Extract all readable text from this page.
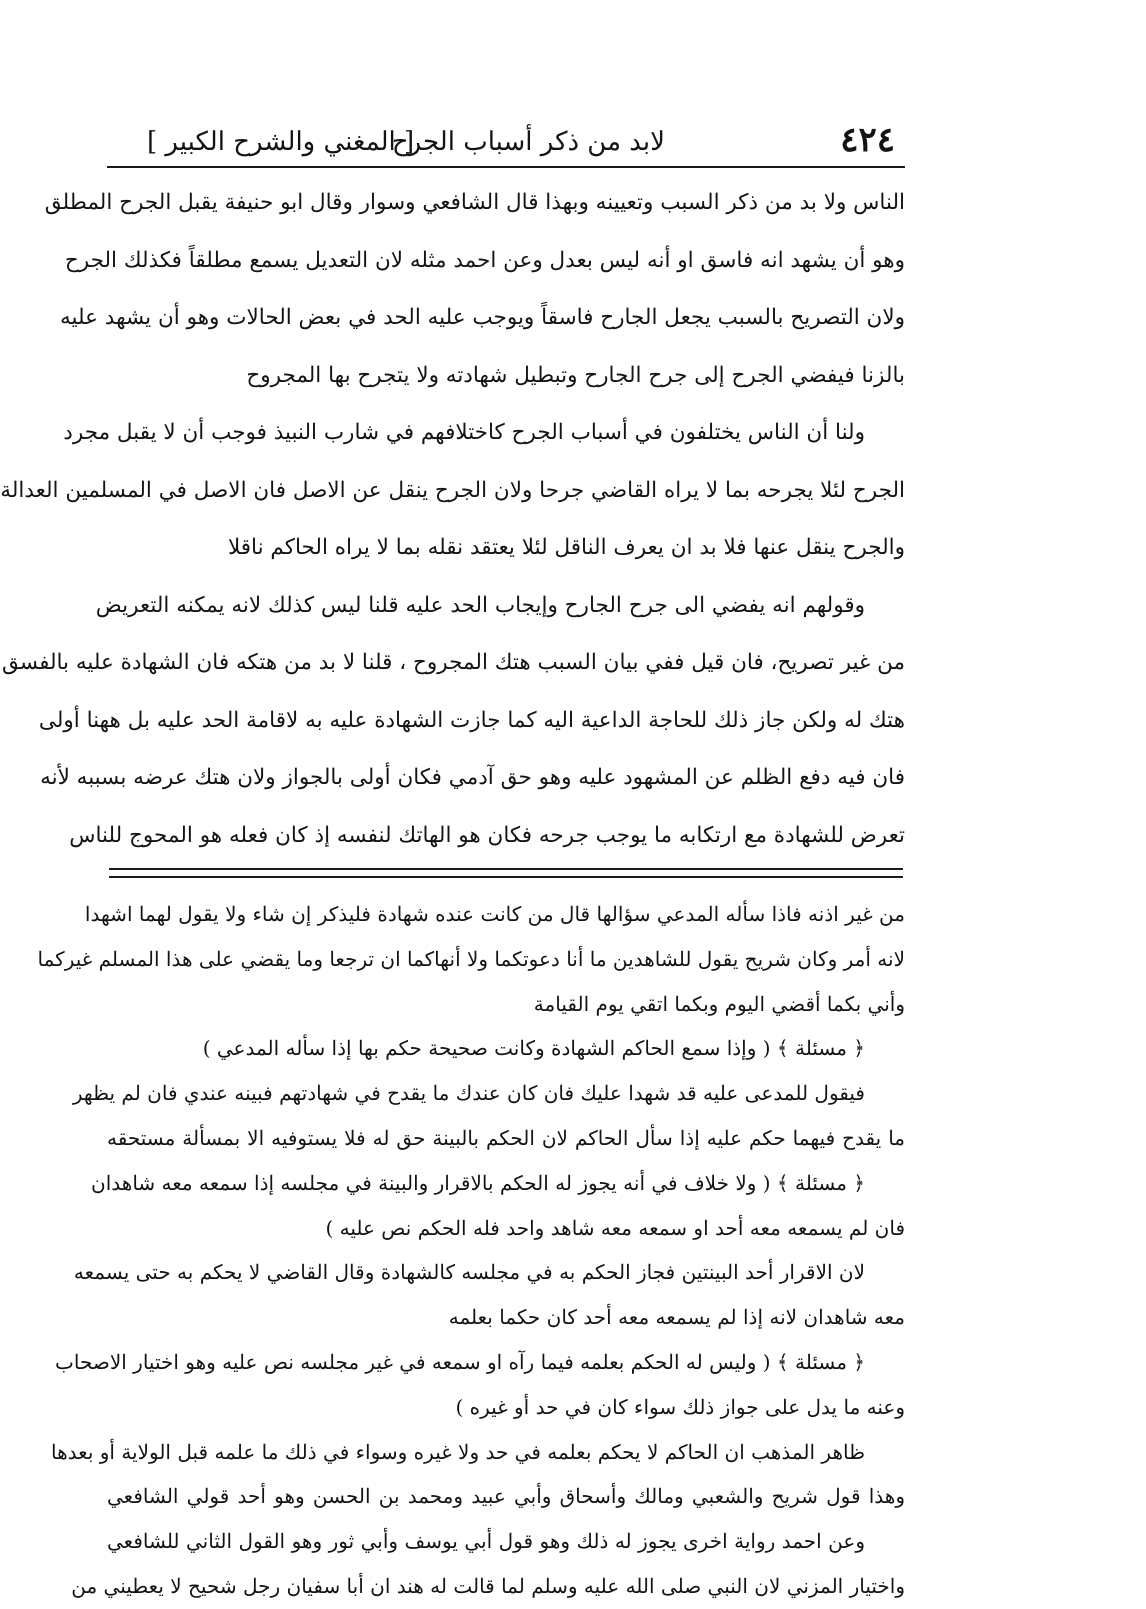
٤٢٤
لابد من ذكر أسباب الجرح
[ المغني والشرح الكبير ]
الناس ولا بد من ذكر السبب وتعيينه وبهذا قال الشافعي وسوار وقال ابو حنيفة يقبل الجرح المطلق
وهو أن يشهد انه فاسق او أنه ليس بعدل وعن احمد مثله لان التعديل يسمع مطلقاً فكذلك الجرح
ولان التصريح بالسبب يجعل الجارح فاسقاً ويوجب عليه الحد في بعض الحالات وهو أن يشهد عليه
بالزنا فيفضي الجرح إلى جرح الجارح وتبطيل شهادته ولا يتجرح بها المجروح
ولنا أن الناس يختلفون في أسباب الجرح كاختلافهم في شارب النبيذ فوجب أن لا يقبل مجرد
الجرح لئلا يجرحه بما لا يراه القاضي جرحا ولان الجرح ينقل عن الاصل فان الاصل في المسلمين العدالة
والجرح ينقل عنها فلا بد ان يعرف الناقل لئلا يعتقد نقله بما لا يراه الحاكم ناقلا
وقولهم انه يفضي الى جرح الجارح وإيجاب الحد عليه قلنا ليس كذلك لانه يمكنه التعريض
من غير تصريح، فان قيل ففي بيان السبب هتك المجروح ، قلنا لا بد من هتكه فان الشهادة عليه بالفسق
هتك له ولكن جاز ذلك للحاجة الداعية اليه كما جازت الشهادة عليه به لاقامة الحد عليه بل ههنا أولى
فان فيه دفع الظلم عن المشهود عليه وهو حق آدمي فكان أولى بالجواز ولان هتك عرضه بسببه لأنه
تعرض للشهادة مع ارتكابه ما يوجب جرحه فكان هو الهاتك لنفسه إذ كان فعله هو المحوج للناس
من غير اذنه فاذا سأله المدعي سؤالها قال من كانت عنده شهادة فليذكر إن شاء ولا يقول لهما اشهدا
لانه أمر وكان شريح يقول للشاهدين ما أنا دعوتكما ولا أنهاكما ان ترجعا وما يقضي على هذا المسلم غيركما
وأني بكما أقضي اليوم وبكما اتقي يوم القيامة
﴿ مسئلة ﴾ ( وإذا سمع الحاكم الشهادة وكانت صحيحة حكم بها إذا سأله المدعي )
فيقول للمدعى عليه قد شهدا عليك فان كان عندك ما يقدح في شهادتهم فبينه عندي فان لم يظهر
ما يقدح فيهما حكم عليه إذا سأل الحاكم لان الحكم بالبينة حق له فلا يستوفيه الا بمسألة مستحقه
﴿ مسئلة ﴾ ( ولا خلاف في أنه يجوز له الحكم بالاقرار والبينة في مجلسه إذا سمعه معه شاهدان
فان لم يسمعه معه أحد او سمعه معه شاهد واحد فله الحكم نص عليه )
لان الاقرار أحد البينتين فجاز الحكم به في مجلسه كالشهادة وقال القاضي لا يحكم به حتى يسمعه
معه شاهدان لانه إذا لم يسمعه معه أحد كان حكما بعلمه
﴿ مسئلة ﴾ ( وليس له الحكم بعلمه فيما رآه او سمعه في غير مجلسه نص عليه وهو اختيار الاصحاب
وعنه ما يدل على جواز ذلك سواء كان في حد أو غيره )
ظاهر المذهب ان الحاكم لا يحكم بعلمه في حد ولا غيره وسواء في ذلك ما علمه قبل الولاية أو بعدها
وهذا قول شريح والشعبي ومالك وأسحاق وأبي عبيد ومحمد بن الحسن وهو أحد قولي الشافعي
وعن احمد رواية اخرى يجوز له ذلك وهو قول أبي يوسف وأبي ثور وهو القول الثاني للشافعي
واختيار المزني لان النبي صلى الله عليه وسلم لما قالت له هند ان أبا سفيان رجل شحيح لا يعطيني من
